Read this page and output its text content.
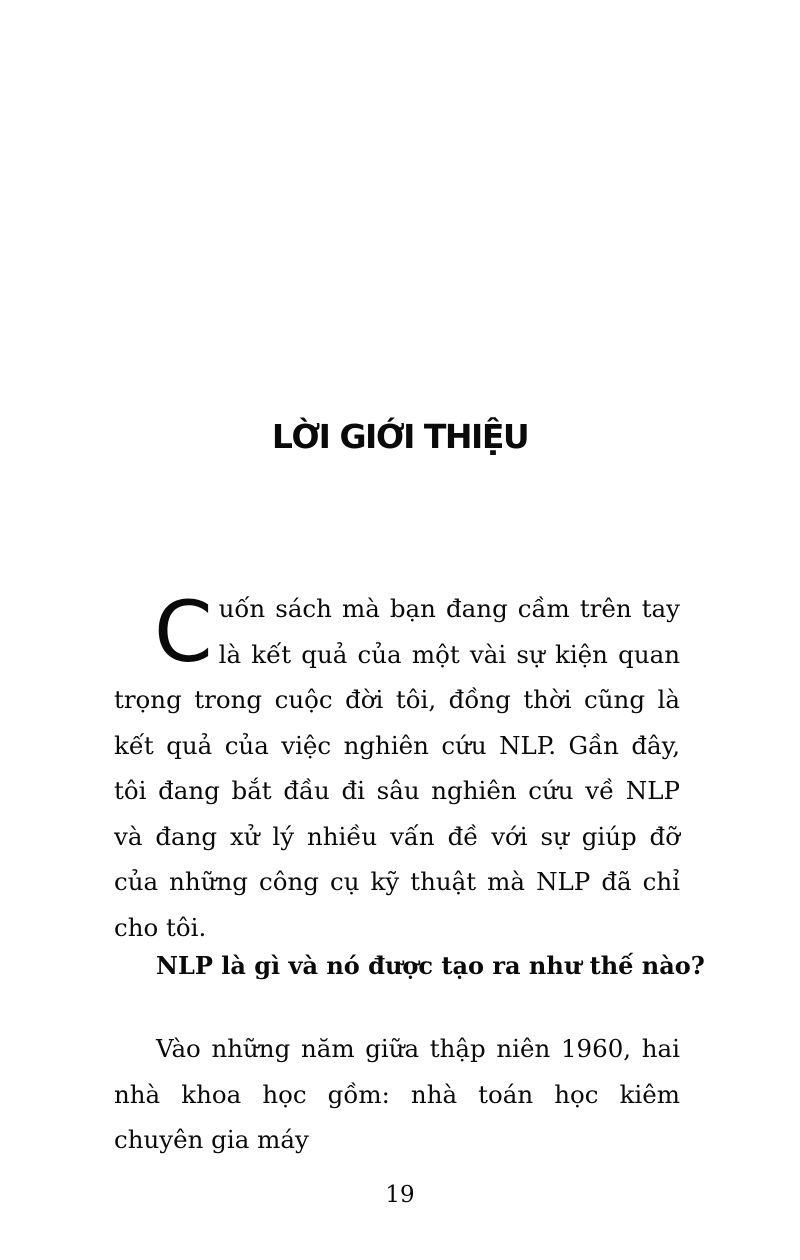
LỜI GIỚI THIỆU

Cuốn sách mà bạn đang cầm trên tay là kết quả của một vài sự kiện quan trọng trong cuộc đời tôi, đồng thời cũng là kết quả của việc nghiên cứu NLP. Gần đây, tôi đang bắt đầu đi sâu nghiên cứu về NLP và đang xử lý nhiều vấn đề với sự giúp đỡ của những công cụ kỹ thuật mà NLP đã chỉ cho tôi.

NLP là gì và nó được tạo ra như thế nào?

Vào những năm giữa thập niên 1960, hai nhà khoa học gồm: nhà toán học kiêm chuyên gia máy

19
